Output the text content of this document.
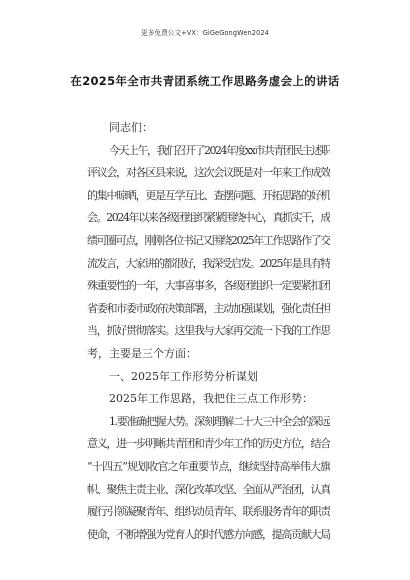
更多免费公文+VX：GiGeGongWen2024
在2025年全市共青团系统工作思路务虚会上的讲话
同志们：
今天上午，我们召开了2024年度xx市共青团民主述职
评议会，对各区县来说，这次会议既是对一年来工作成效
的集中晾晒，更是互学互比、查摆问题、开拓思路的好机
会。2024年以来各级团组织紧紧围绕中心，真抓实干，成
绩可圈可点，刚刚各位书记又围绕2025年工作思路作了交
流发言，大家讲的都很好，我深受启发。2025年是具有特
殊重要性的一年，大事喜事多，各级团组织一定要紧扣团
省委和市委市政府决策部署，主动加强谋划，强化责任担
当，抓好贯彻落实。这里我与大家再交流一下我的工作思
考，主要是三个方面：
一、2025年工作形势分析谋划
2025年工作思路，我把住三点工作形势：
1.要准确把握大势。深刻理解二十大三中全会的深远
意义，进一步明晰共青团和青少年工作的历史方位，结合
“十四五”规划收官之年重要节点，继续坚持高举伟大旗
帜、聚焦主责主业、深化改革攻坚、全面从严治团，认真
履行引领凝聚青年、组织动员青年、联系服务青年的职责
使命，不断增强为党育人的时代感方向感，提高贡献大局
